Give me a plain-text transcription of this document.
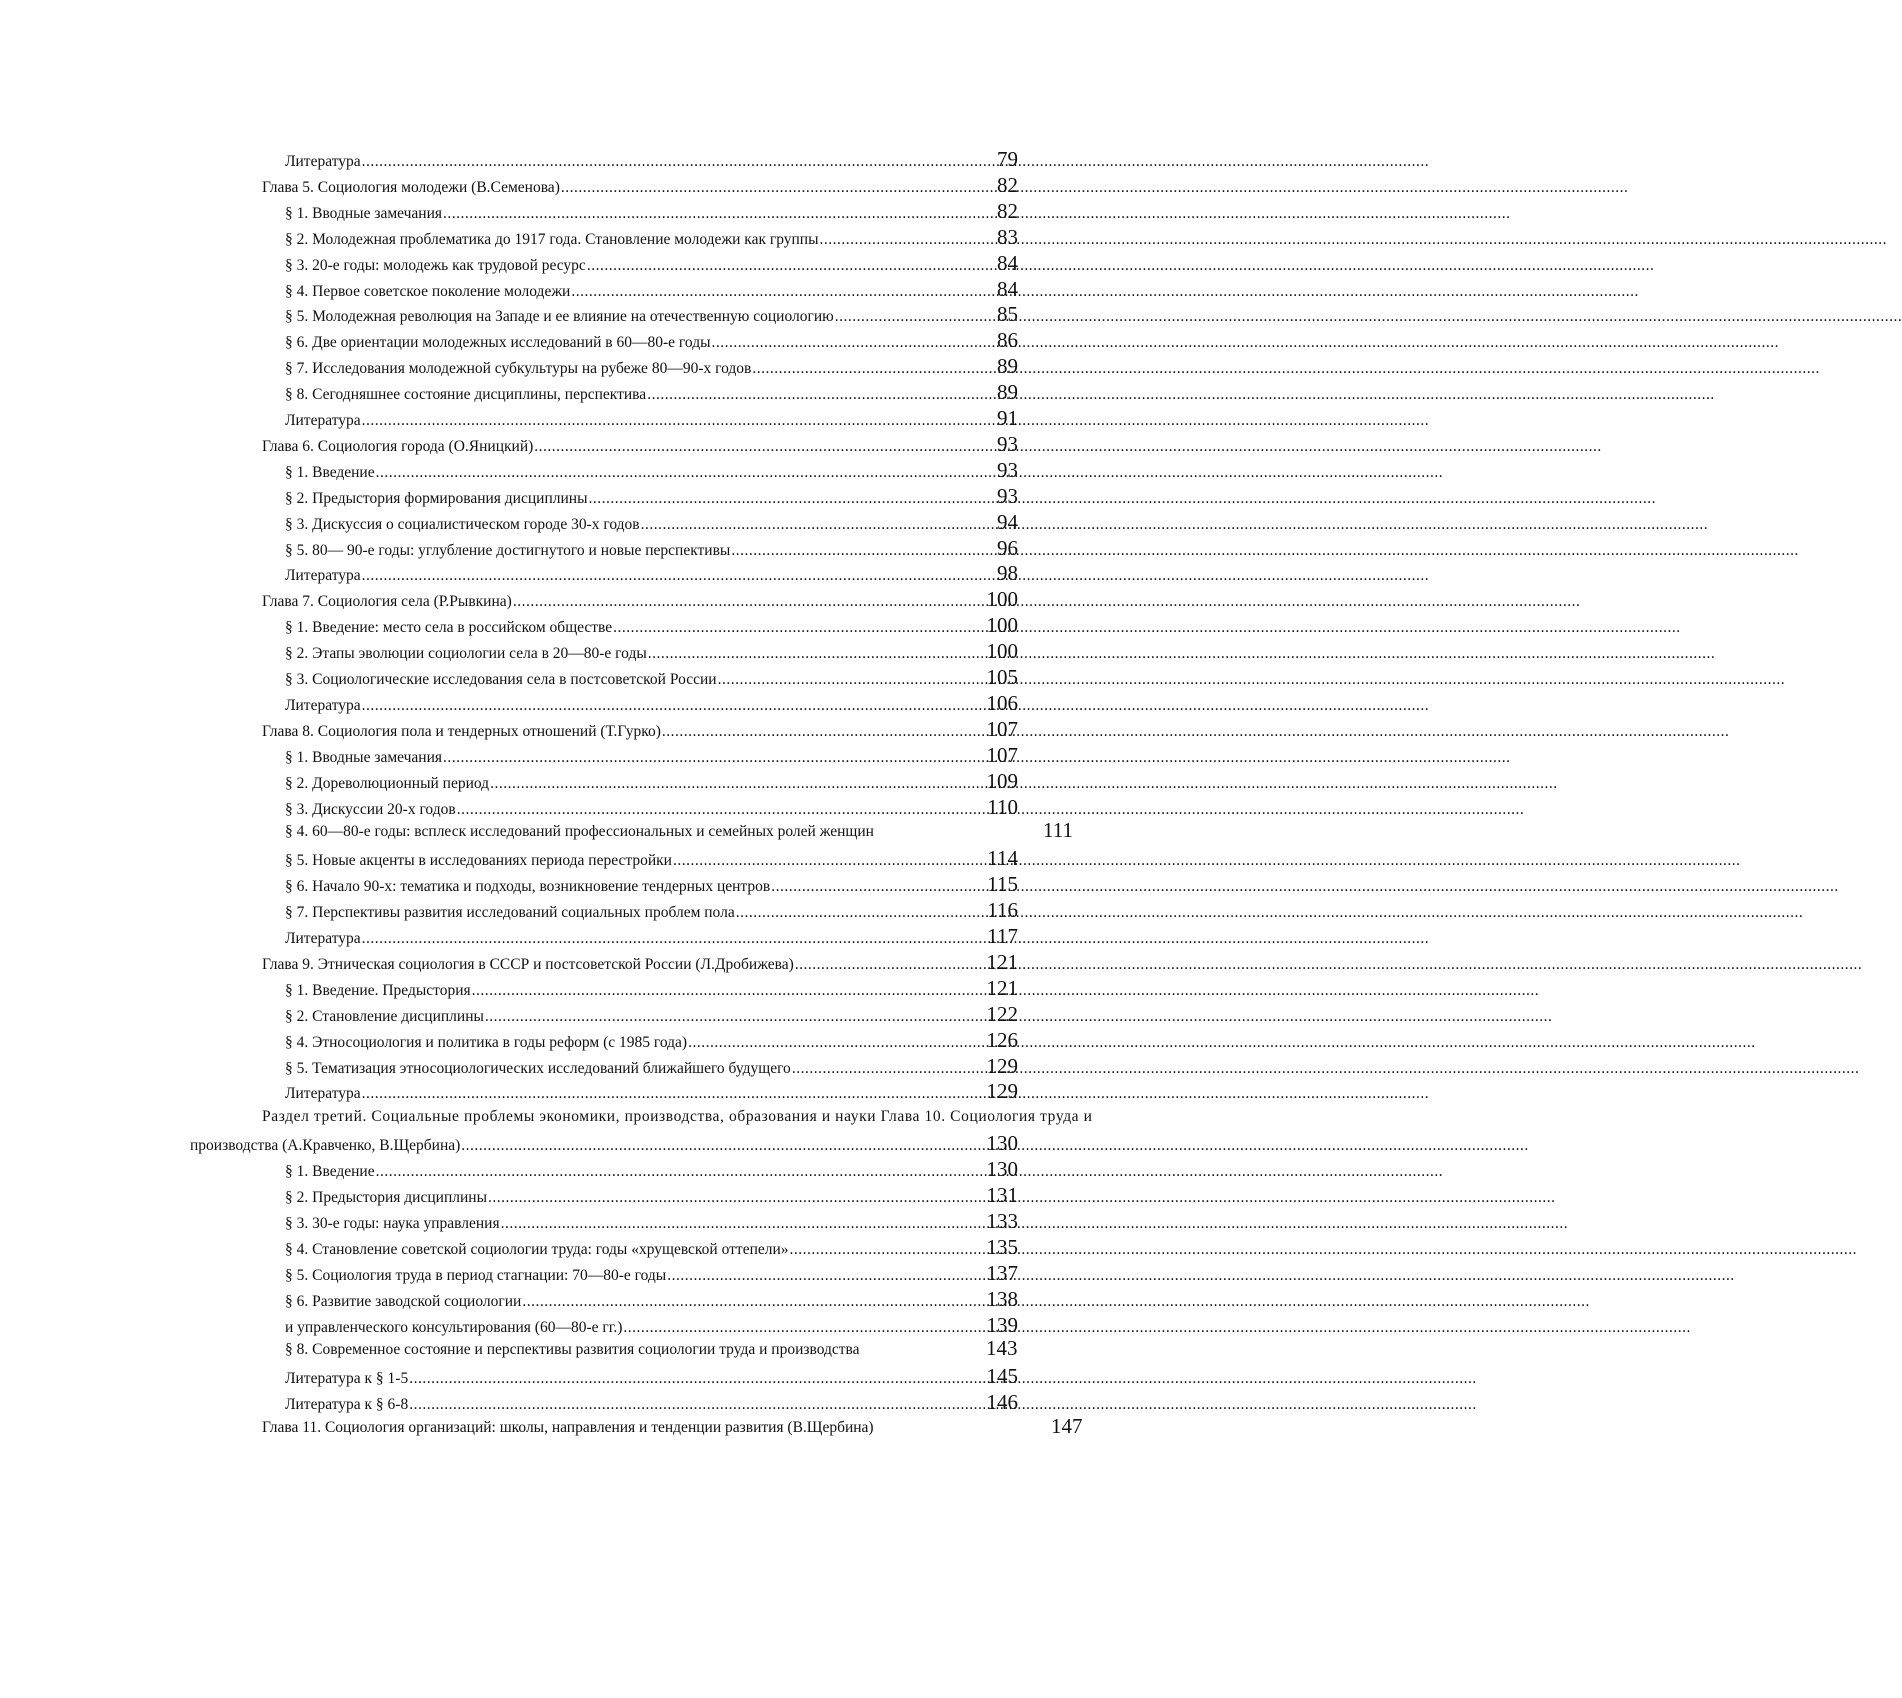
Литература .....	79
Глава 5. Социология молодежи (В.Семенова) .....	82
§ 1. Вводные замечания .....	82
§ 2. Молодежная проблематика до 1917 года. Становление молодежи как группы .....	83
§ 3. 20-е годы: молодежь как трудовой ресурс .....	84
§ 4. Первое советское поколение молодежи .....	84
§ 5. Молодежная революция на Западе и ее влияние на отечественную социологию .....	85
§ 6. Две ориентации молодежных исследований в 60—80-е годы .....	86
§ 7. Исследования молодежной субкультуры на рубеже 80—90-х годов .....	89
§ 8. Сегодняшнее состояние дисциплины, перспектива .....	89
Литература .....	91
Глава 6. Социология города (О.Яницкий) .....	93
§ 1. Введение .....	93
§ 2. Предыстория формирования дисциплины .....	93
§ 3. Дискуссия о социалистическом городе 30-х годов .....	94
§ 5. 80— 90-е годы: углубление достигнутого и новые перспективы .....	96
Литература .....	98
Глава 7. Социология села (Р.Рывкина) .....	100
§ 1. Введение: место села в российском обществе .....	100
§ 2. Этапы эволюции социологии села в 20—80-е годы .....	100
§ 3. Социологические исследования села в постсоветской России .....	105
Литература .....	106
Глава 8. Социология пола и тендерных отношений (Т.Гурко) .....	107
§ 1. Вводные замечания .....	107
§ 2. Дореволюционный период .....	109
§ 3. Дискуссии 20-х годов .....	110
§ 4. 60—80-е годы: всплеск исследований профессиональных и семейных ролей женщин	111
§ 5. Новые акценты в исследованиях периода перестройки .....	114
§ 6. Начало 90-х: тематика и подходы, возникновение тендерных центров .....	115
§ 7. Перспективы развития исследований социальных проблем пола .....	116
Литература .....	117
Глава 9. Этническая социология в СССР и постсоветской России (Л.Дробижева) .....	121
§ 1. Введение. Предыстория .....	121
§ 2. Становление дисциплины .....	122
§ 4. Этносоциология и политика в годы реформ (с 1985 года) .....	126
§ 5. Тематизация этносоциологических исследований ближайшего будущего .....	129
Литература .....	129
Раздел третий. Социальные проблемы экономики, производства, образования и науки Глава 10. Социология труда и
производства (А.Кравченко, В.Щербина) .....	130
§ 1. Введение .....	130
§ 2. Предыстория дисциплины .....	131
§ 3. 30-е годы: наука управления .....	133
§ 4. Становление советской социологии труда: годы «хрущевской оттепели» .....	135
§ 5. Социология труда в период стагнации: 70—80-е годы .....	137
§ 6. Развитие заводской социологии .....	138
и управленческого консультирования (60—80-е гг.) .....	139
§ 8. Современное состояние и перспективы развития социологии труда и производства	143
Литература к § 1-5 .....	145
Литература к § 6-8 .....	146
Глава 11. Социология организаций: школы, направления и тенденции развития (В.Щербина)	147
